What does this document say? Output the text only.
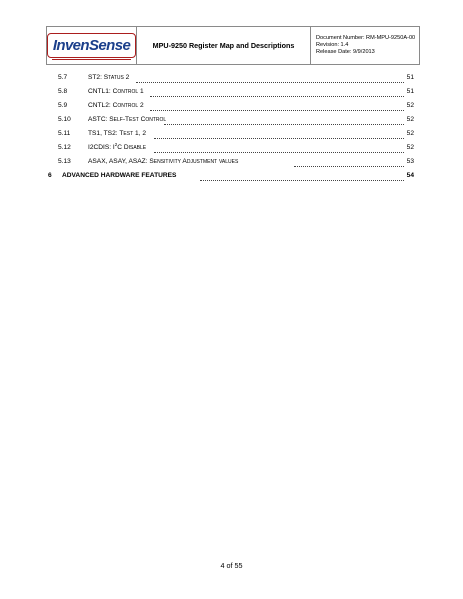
InvenSense	MPU-9250 Register Map and Descriptions
Document Number: RM-MPU-9250A-00
Revision: 1.4
Release Date: 9/9/2013
5.7	ST2: Status 2	51
5.8	CNTL1: Control 1	51
5.9	CNTL2: Control 2	52
5.10	ASTC: Self-Test Control	52
5.11	TS1, TS2: Test 1, 2	52
5.12	I2CDIS: $I^2C$ Disable	52
5.13	ASAX, ASAY, ASAZ: Sensitivity Adjustment values	53
6 ADVANCED HARDWARE FEATURES	54
4 of 55
